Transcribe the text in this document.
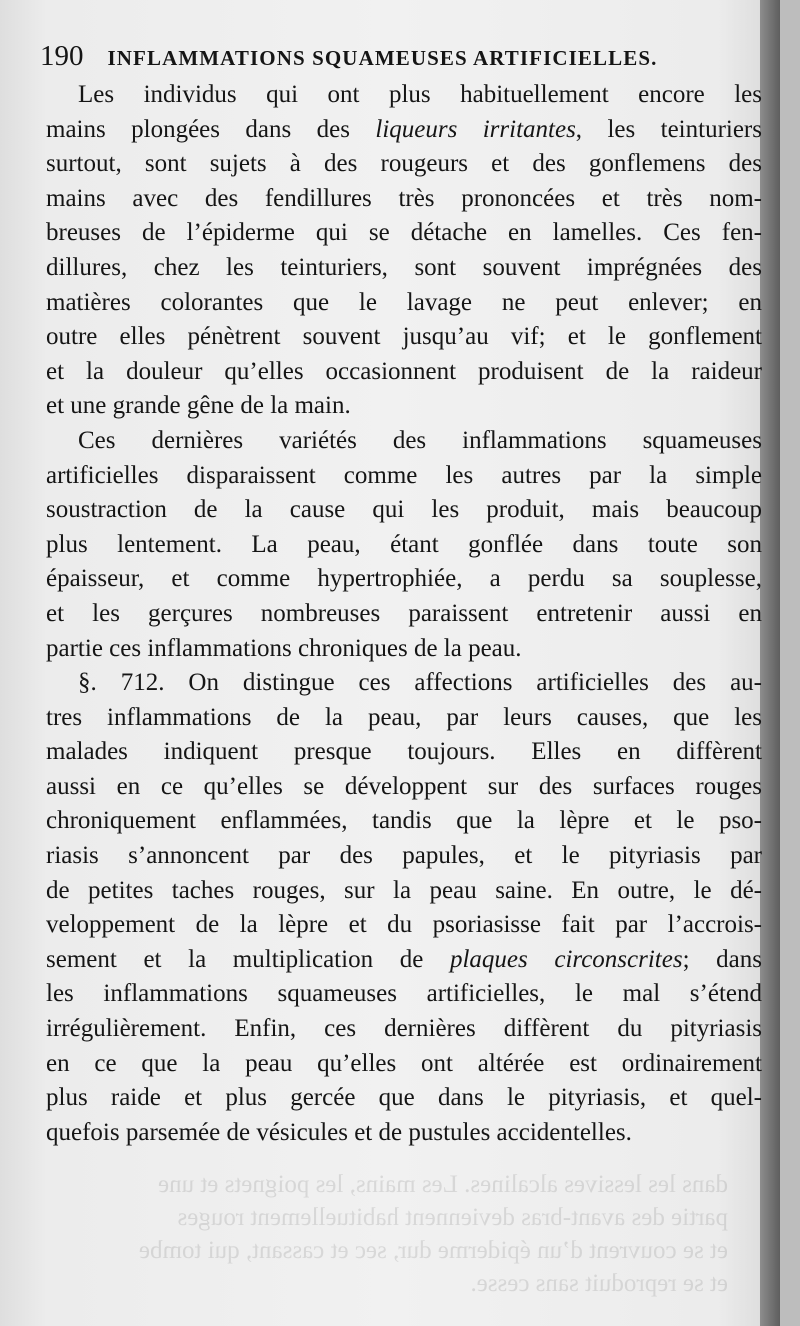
190 INFLAMMATIONS SQUAMEUSES ARTIFICIELLES.
Les individus qui ont plus habituellement encore les
mains plongées dans des liqueurs irritantes, les teinturiers
surtout, sont sujets à des rougeurs et des gonflemens des
mains avec des fendillures très prononcées et très nom-
breuses de l’épiderme qui se détache en lamelles. Ces fen-
dillures, chez les teinturiers, sont souvent imprégnées des
matières colorantes que le lavage ne peut enlever; en
outre elles pénètrent souvent jusqu’au vif; et le gonflement
et la douleur qu’elles occasionnent produisent de la raideur
et une grande gêne de la main.
Ces dernières variétés des inflammations squameuses
artificielles disparaissent comme les autres par la simple
soustraction de la cause qui les produit, mais beaucoup
plus lentement. La peau, étant gonflée dans toute son
épaisseur, et comme hypertrophiée, a perdu sa souplesse,
et les gerçures nombreuses paraissent entretenir aussi en
partie ces inflammations chroniques de la peau.
§. 712. On distingue ces affections artificielles des au-
tres inflammations de la peau, par leurs causes, que les
malades indiquent presque toujours. Elles en diffèrent
aussi en ce qu’elles se développent sur des surfaces rouges
chroniquement enflammées, tandis que la lèpre et le pso-
riasis s’annoncent par des papules, et le pityriasis par
de petites taches rouges, sur la peau saine. En outre, le dé-
veloppement de la lèpre et du psoriasisse fait par l’accrois-
sement et la multiplication de plaques circonscrites; dans
les inflammations squameuses artificielles, le mal s’étend
irrégulièrement. Enfin, ces dernières diffèrent du pityriasis
en ce que la peau qu’elles ont altérée est ordinairement
plus raide et plus gercée que dans le pityriasis, et quel-
quefois parsemée de vésicules et de pustules accidentelles.
dans les lessives alcalines. Les mains, les poignets et une
partie des avant-bras deviennent habituellement rouges
et se couvrent d’un épiderme dur, sec et cassant, qui tombe
et se reproduit sans cesse.
